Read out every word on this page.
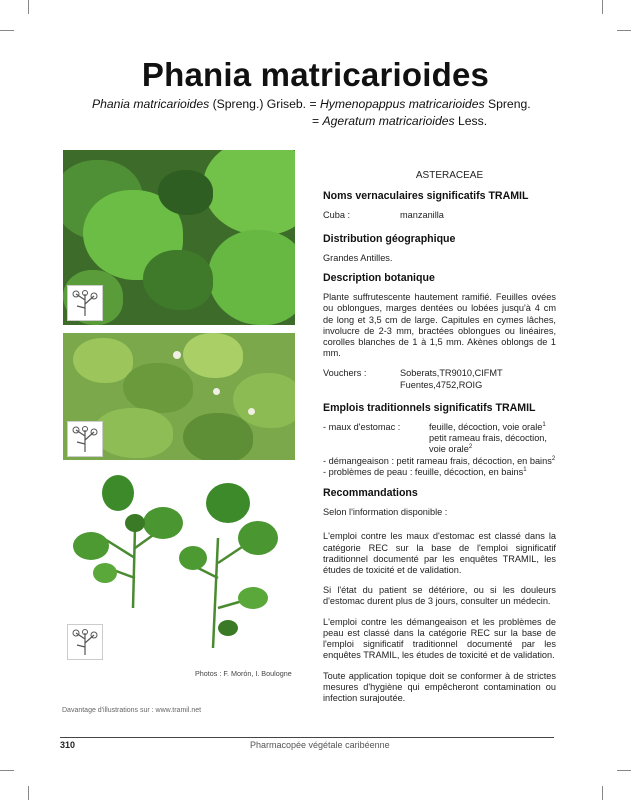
Phania matricarioides
Phania matricarioides (Spreng.) Griseb. = Hymenopappus matricarioides Spreng.
= Ageratum matricarioides Less.
Photos : F. Morón, I. Boulogne
Davantage d'illustrations sur : www.tramil.net
ASTERACEAE
Noms vernaculaires significatifs TRAMIL
Cuba :	manzanilla
Distribution géographique
Grandes Antilles.
Description botanique
Plante suffrutescente hautement ramifié. Feuilles ovées ou oblongues, marges dentées ou lobées jusqu'à 4 cm de long et 3,5 cm de large. Capitules en cymes lâches, involucre de 2-3 mm, bractées oblongues ou linéaires, corolles blanches de 1 à 1,5 mm. Akènes oblongs de 1 mm.
Vouchers :	Soberats,TR9010,CIFMT
Fuentes,4752,ROIG
Emplois traditionnels significatifs TRAMIL
- maux d'estomac :	feuille, décoction, voie orale$^1$
petit rameau frais, décoction, voie orale$^2$
- démangeaison : petit rameau frais, décoction, en bains$^2$
- problèmes de peau : feuille, décoction, en bains$^1$
Recommandations
Selon l'information disponible :
L'emploi contre les maux d'estomac est classé dans la catégorie REC sur la base de l'emploi significatif traditionnel documenté par les enquêtes TRAMIL, les études de toxicité et de validation.
Si l'état du patient se détériore, ou si les douleurs d'estomac durent plus de 3 jours, consulter un médecin.
L'emploi contre les démangeaison et les problèmes de peau est classé dans la catégorie REC sur la base de l'emploi significatif traditionnel documenté par les enquêtes TRAMIL, les études de toxicité et de validation.
Toute application topique doit se conformer à de strictes mesures d'hygiène qui empêcheront contamination ou infection surajoutée.
310	Pharmacopée végétale caribéenne
